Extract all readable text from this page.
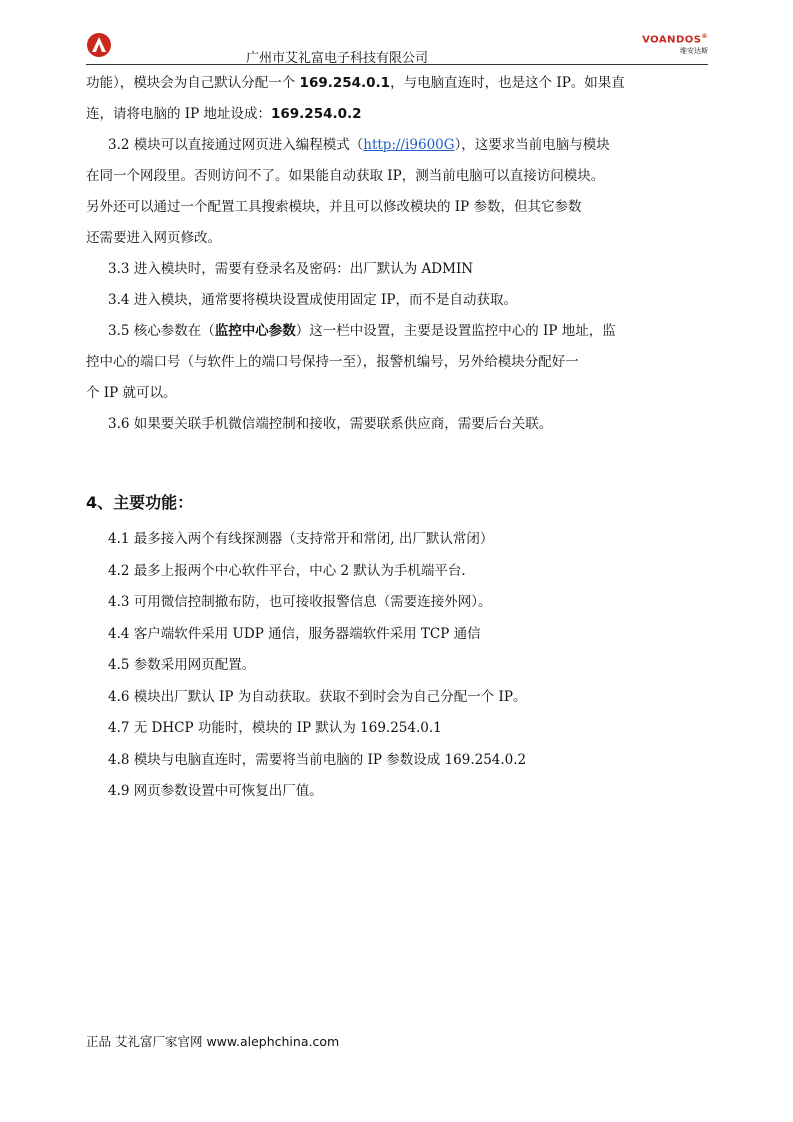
广州市艾礼富电子科技有限公司
VOANDOS®
维安达斯
功能），模块会为自己默认分配一个 169.254.0.1，与电脑直连时，也是这个 IP。如果直
连，请将电脑的 IP 地址设成：169.254.0.2
3.2 模块可以直接通过网页进入编程模式（http://i9600G），这要求当前电脑与模块
在同一个网段里。否则访问不了。如果能自动获取 IP，测当前电脑可以直接访问模块。
另外还可以通过一个配置工具搜索模块，并且可以修改模块的 IP 参数，但其它参数
还需要进入网页修改。
3.3 进入模块时，需要有登录名及密码：出厂默认为 ADMIN
3.4 进入模块，通常要将模块设置成使用固定 IP，而不是自动获取。
3.5 核心参数在（监控中心参数）这一栏中设置，主要是设置监控中心的 IP 地址，监
控中心的端口号（与软件上的端口号保持一至），报警机编号，另外给模块分配好一
个 IP 就可以。
3.6 如果要关联手机微信端控制和接收，需要联系供应商，需要后台关联。
4、主要功能：
4.1 最多接入两个有线探测器（支持常开和常闭, 出厂默认常闭）
4.2 最多上报两个中心软件平台，中心 2 默认为手机端平台.
4.3 可用微信控制撤布防，也可接收报警信息（需要连接外网）。
4.4 客户端软件采用 UDP 通信，服务器端软件采用 TCP 通信
4.5 参数采用网页配置。
4.6 模块出厂默认 IP 为自动获取。获取不到时会为自己分配一个 IP。
4.7 无 DHCP 功能时，模块的 IP 默认为 169.254.0.1
4.8 模块与电脑直连时，需要将当前电脑的 IP 参数设成 169.254.0.2
4.9 网页参数设置中可恢复出厂值。
正品 艾礼富厂家官网 www.alephchina.com
